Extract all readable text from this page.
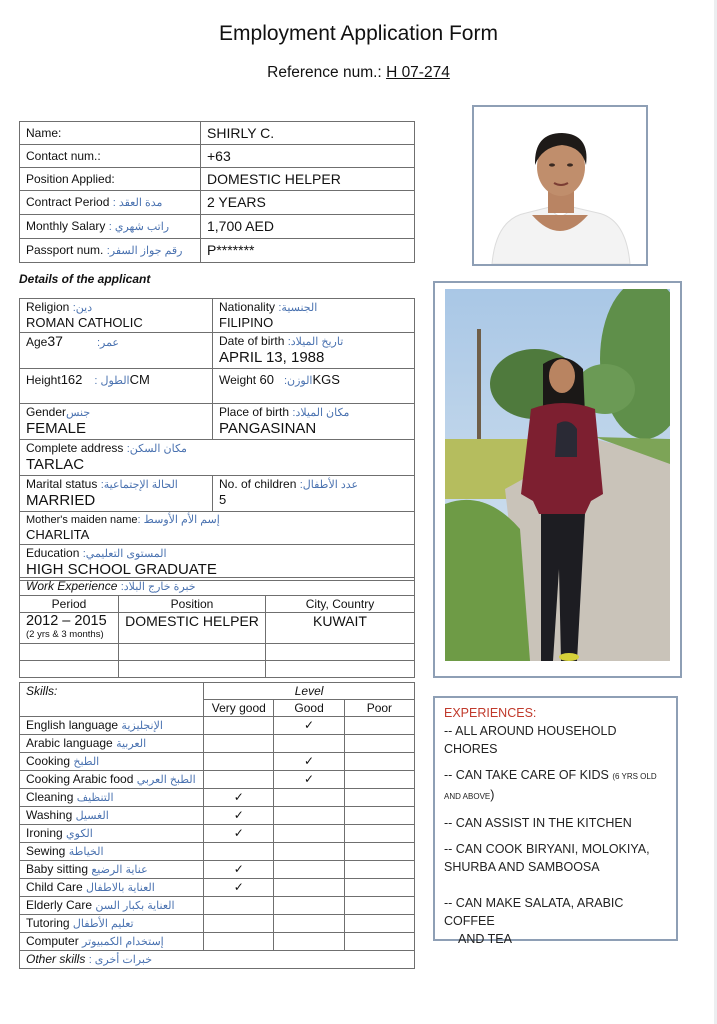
Employment Application Form
Reference num.: H 07-274
Name:	SHIRLY C.
Contact num.:	+63
Position Applied:	DOMESTIC HELPER
Contract Period مدة العقد :	2 YEARS
Monthly Salary راتب شهري :	1,700 AED
Passport num. رقم جواز السفر:	P*******
Details of the applicant
Religion دين:
ROMAN CATHOLIC	Nationality الجنسية:
FILIPINO

Age عمر:37	Date of birth تاريخ الميلاد:
APRIL 13, 1988

Height الطول :162CM	Weight الوزن:60KGS

Genderجنس
FEMALE	Place of birth مكان الميلاد:
PANGASINAN

Complete address مكان السكن:
TARLAC	

Marital status الحالة الإجتماعية:
MARRIED	No. of children عدد الأطفال:
5

Mother's maiden nameإسم الأم الأوسط :
CHARLITA	

Education المستوى التعليمي:
HIGH SCHOOL GRADUATE	
Work Experience خبرة خارج البلاد:		
Period	Position	City, Country

2012 – 2015
(2 yrs & 3 months)	DOMESTIC HELPER	KUWAIT

Skills:	Level		
	Very good	Good	Poor
English language الإنجليزية		✓	
Arabic language العربية			
Cooking الطبخ		✓	
Cooking Arabic food الطبخ العربي		✓	
Cleaning التنظيف	✓		
Washing الغسيل	✓		
Ironing الكوي	✓		
Sewing الخياطة			
Baby sitting عناية الرضيع	✓		
Child Care العناية بالاطفال	✓		
Elderly Care العناية بكبار السن			
Tutoring تعليم الأطفال			
Computer إستخدام الكمبيوتر			
Other skills خبرات أخرى :			
EXPERIENCES:
-- ALL AROUND HOUSEHOLD CHORES
-- CAN TAKE CARE OF KIDS (6 YRS OLD AND ABOVE)
-- CAN ASSIST IN THE KITCHEN
-- CAN COOK BIRYANI, MOLOKIYA, SHURBA AND SAMBOOSA
-- CAN MAKE SALATA, ARABIC COFFEE
AND TEA
